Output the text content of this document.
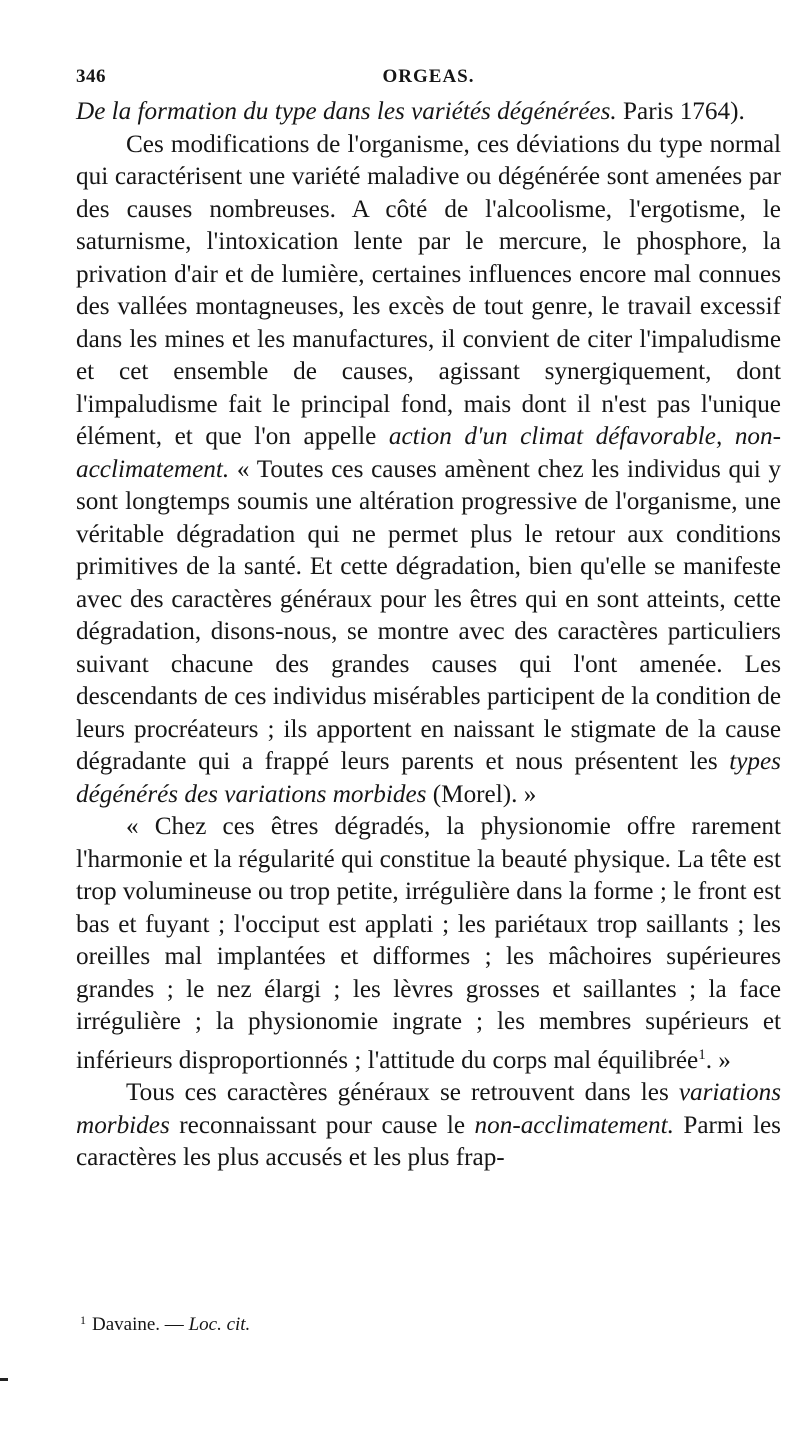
346	ORGEAS.

De la formation du type dans les variétés dégénérées. Paris 1764).

Ces modifications de l'organisme, ces déviations du type normal qui caractérisent une variété maladive ou dégénérée sont amenées par des causes nombreuses. A côté de l'alcoolisme, l'ergotisme, le saturnisme, l'intoxication lente par le mercure, le phosphore, la privation d'air et de lumière, certaines influences encore mal connues des vallées montagneuses, les excès de tout genre, le travail excessif dans les mines et les manufactures, il convient de citer l'impaludisme et cet ensemble de causes, agissant synergiquement, dont l'impaludisme fait le principal fond, mais dont il n'est pas l'unique élément, et que l'on appelle action d'un climat défavorable, non-acclimatement. « Toutes ces causes amènent chez les individus qui y sont longtemps soumis une altération progressive de l'organisme, une véritable dégradation qui ne permet plus le retour aux conditions primitives de la santé. Et cette dégradation, bien qu'elle se manifeste avec des caractères généraux pour les êtres qui en sont atteints, cette dégradation, disons-nous, se montre avec des caractères particuliers suivant chacune des grandes causes qui l'ont amenée. Les descendants de ces individus misérables participent de la condition de leurs procréateurs ; ils apportent en naissant le stigmate de la cause dégradante qui a frappé leurs parents et nous présentent les types dégénérés des variations morbides (Morel). »

« Chez ces êtres dégradés, la physionomie offre rarement l'harmonie et la régularité qui constitue la beauté physique. La tête est trop volumineuse ou trop petite, irrégulière dans la forme ; le front est bas et fuyant ; l'occiput est applati ; les pariétaux trop saillants ; les oreilles mal implantées et difformes ; les mâchoires supérieures grandes ; le nez élargi ; les lèvres grosses et saillantes ; la face irrégulière ; la physionomie ingrate ; les membres supérieurs et inférieurs disproportionnés ; l'attitude du corps mal équilibrée$^1$. »

Tous ces caractères généraux se retrouvent dans les variations morbides reconnaissant pour cause le non-acclimatement. Parmi les caractères les plus accusés et les plus frap-

$^1$ Davaine. — Loc. cit.
